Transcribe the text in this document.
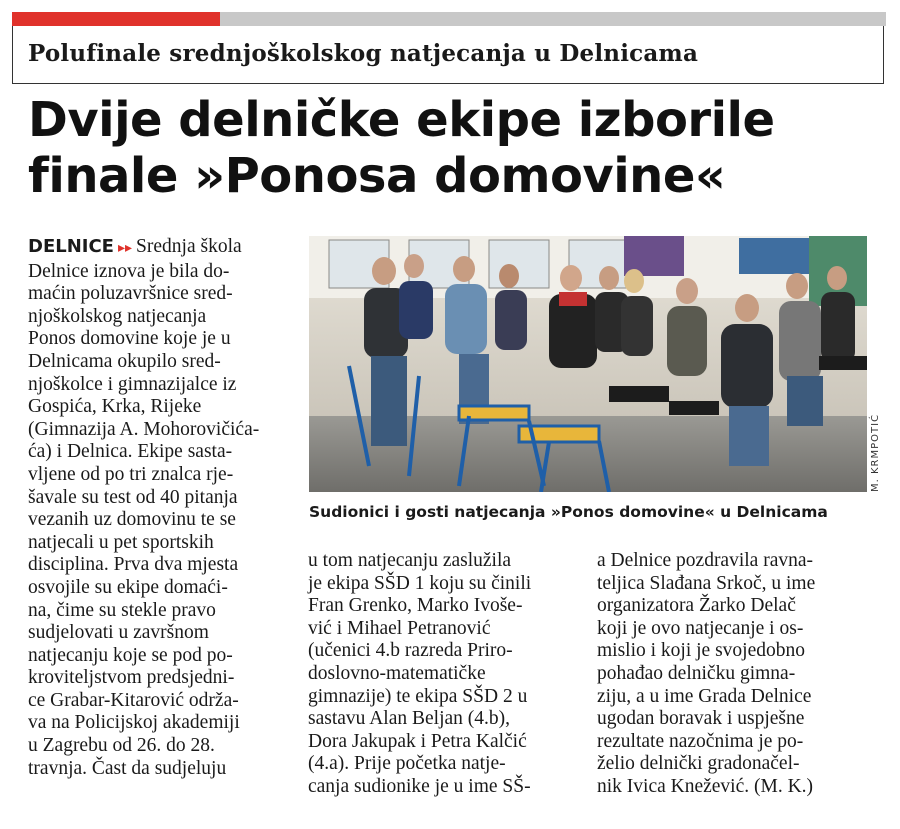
Polufinale srednjoškolskog natjecanja u Delnicama
Dvije delničke ekipe izborile
finale »Ponosa domovine«
DELNICE ▸▸ Srednja škola
Delnice iznova je bila do-
maćin poluzavršnice sred-
njoškolskog natjecanja
Ponos domovine koje je u
Delnicama okupilo sred-
njoškolce i gimnazijalce iz
Gospića, Krka, Rijeke
(Gimnazija A. Mohorovičića-
ća) i Delnica. Ekipe sasta-
vljene od po tri znalca rje-
šavale su test od 40 pitanja
vezanih uz domovinu te se
natjecali u pet sportskih
disciplina. Prva dva mjesta
osvojile su ekipe domaći-
na, čime su stekle pravo
sudjelovati u završnom
natjecanju koje se pod po-
kroviteljstvom predsjedni-
ce Grabar-Kitarović održa-
va na Policijskoj akademiji
u Zagrebu od 26. do 28.
travnja. Čast da sudjeluju
M. KRMPOTIĆ
Sudionici i gosti natjecanja »Ponos domovine« u Delnicama
u tom natjecanju zaslužila
je ekipa SŠD 1 koju su činili
Fran Grenko, Marko Ivoše-
vić i Mihael Petranović
(učenici 4.b razreda Priro-
doslovno-matematičke
gimnazije) te ekipa SŠD 2 u
sastavu Alan Beljan (4.b),
Dora Jakupak i Petra Kalčić
(4.a). Prije početka natje-
canja sudionike je u ime SŠ-
a Delnice pozdravila ravna-
teljica Slađana Srkoč, u ime
organizatora Žarko Delač
koji je ovo natjecanje i os-
mislio i koji je svojedobno
pohađao delničku gimna-
ziju, a u ime Grada Delnice
ugodan boravak i uspješne
rezultate nazočnima je po-
želio delnički gradonačel-
nik Ivica Knežević. (M. K.)
